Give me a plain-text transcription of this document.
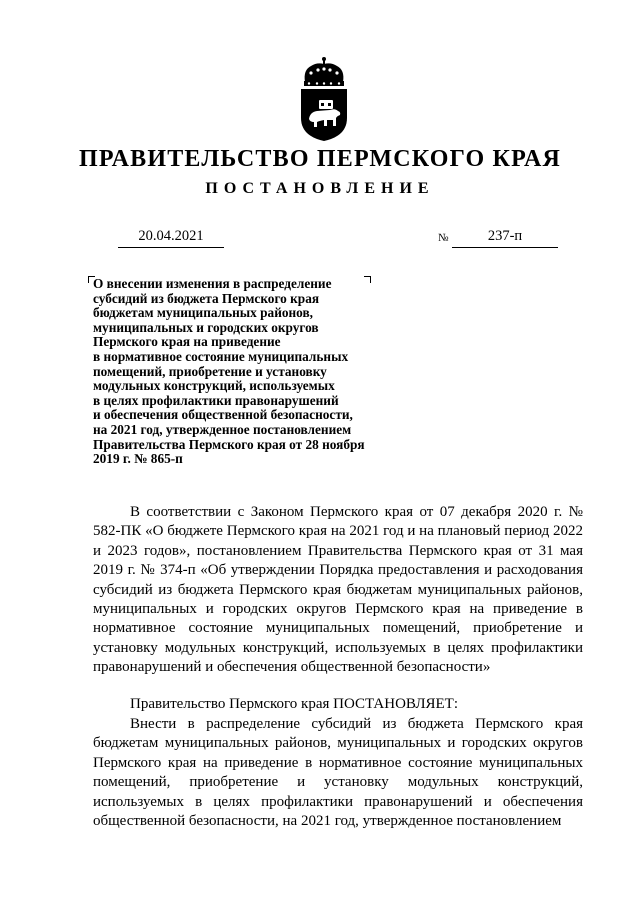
ПРАВИТЕЛЬСТВО ПЕРМСКОГО КРАЯ
ПОСТАНОВЛЕНИЕ
20.04.2021	№	237-п
О внесении изменения в распределение
субсидий из бюджета Пермского края
бюджетам муниципальных районов,
муниципальных и городских округов
Пермского края на приведение
в нормативное состояние муниципальных
помещений, приобретение и установку
модульных конструкций, используемых
в целях профилактики правонарушений
и обеспечения общественной безопасности,
на 2021 год, утвержденное постановлением
Правительства Пермского края от 28 ноября
2019 г. № 865-п
В соответствии с Законом Пермского края от 07 декабря 2020 г. № 582-ПК «О бюджете Пермского края на 2021 год и на плановый период 2022 и 2023 годов», постановлением Правительства Пермского края от 31 мая 2019 г. № 374-п «Об утверждении Порядка предоставления и расходования субсидий из бюджета Пермского края бюджетам муниципальных районов, муниципальных и городских округов Пермского края на приведение в нормативное состояние муниципальных помещений, приобретение и установку модульных конструкций, используемых в целях профилактики правонарушений и обеспечения общественной безопасности»
Правительство Пермского края ПОСТАНОВЛЯЕТ:
Внести в распределение субсидий из бюджета Пермского края бюджетам муниципальных районов, муниципальных и городских округов Пермского края на приведение в нормативное состояние муниципальных помещений, приобретение и установку модульных конструкций, используемых в целях профилактики правонарушений и обеспечения общественной безопасности, на 2021 год, утвержденное постановлением
